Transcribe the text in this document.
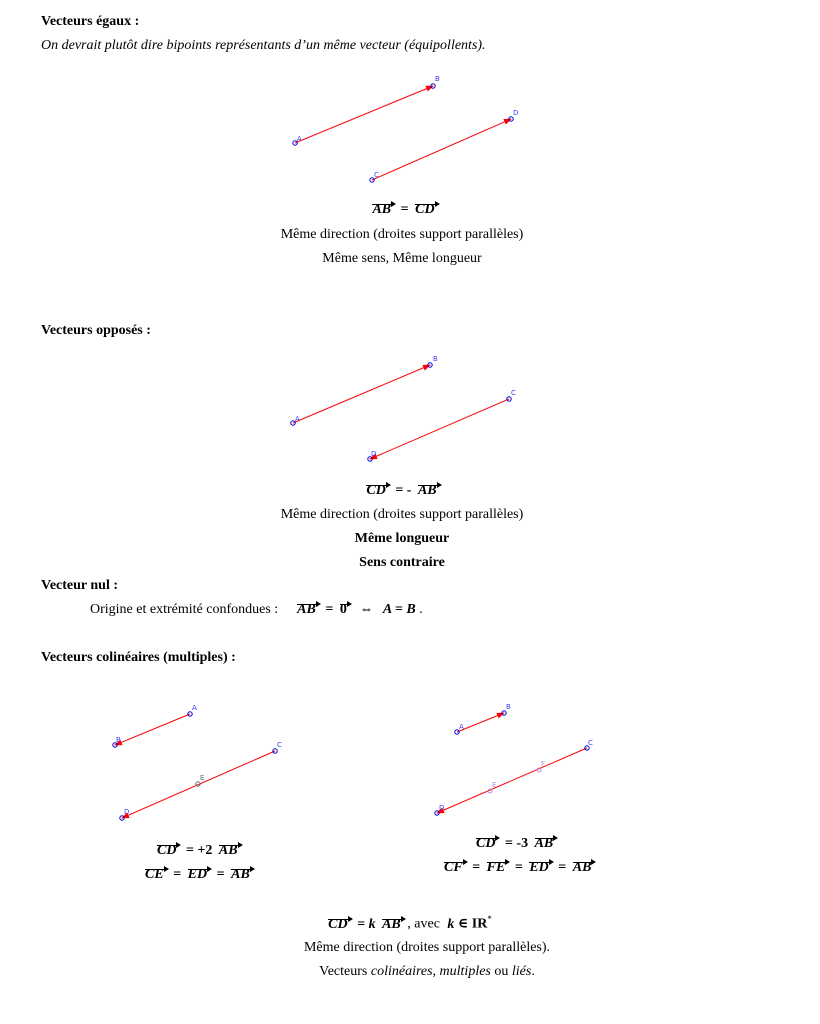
Vecteurs égaux :
On devrait plutôt dire bipoints représentants d’un même vecteur (équipollents).
A
B
C
D
A
B
C
D
A
B
C
D
E
A
B
C
D
E
F
AB = CD
Même direction (droites support parallèles)
Même sens, Même longueur
Vecteurs opposés :
CD = - AB
Même direction (droites support parallèles)
Même longueur
Sens contraire
Vecteur nul :
Origine et extrémité confondues : AB = 0 ⇔ A = B .
Vecteurs colinéaires (multiples) :
CD = +2 AB
CE = ED = AB
CD = -3 AB
CF = FE = ED = AB
CD = k AB , avec k ∈ IR*
Même direction (droites support parallèles).
Vecteurs colinéaires, multiples ou liés.
